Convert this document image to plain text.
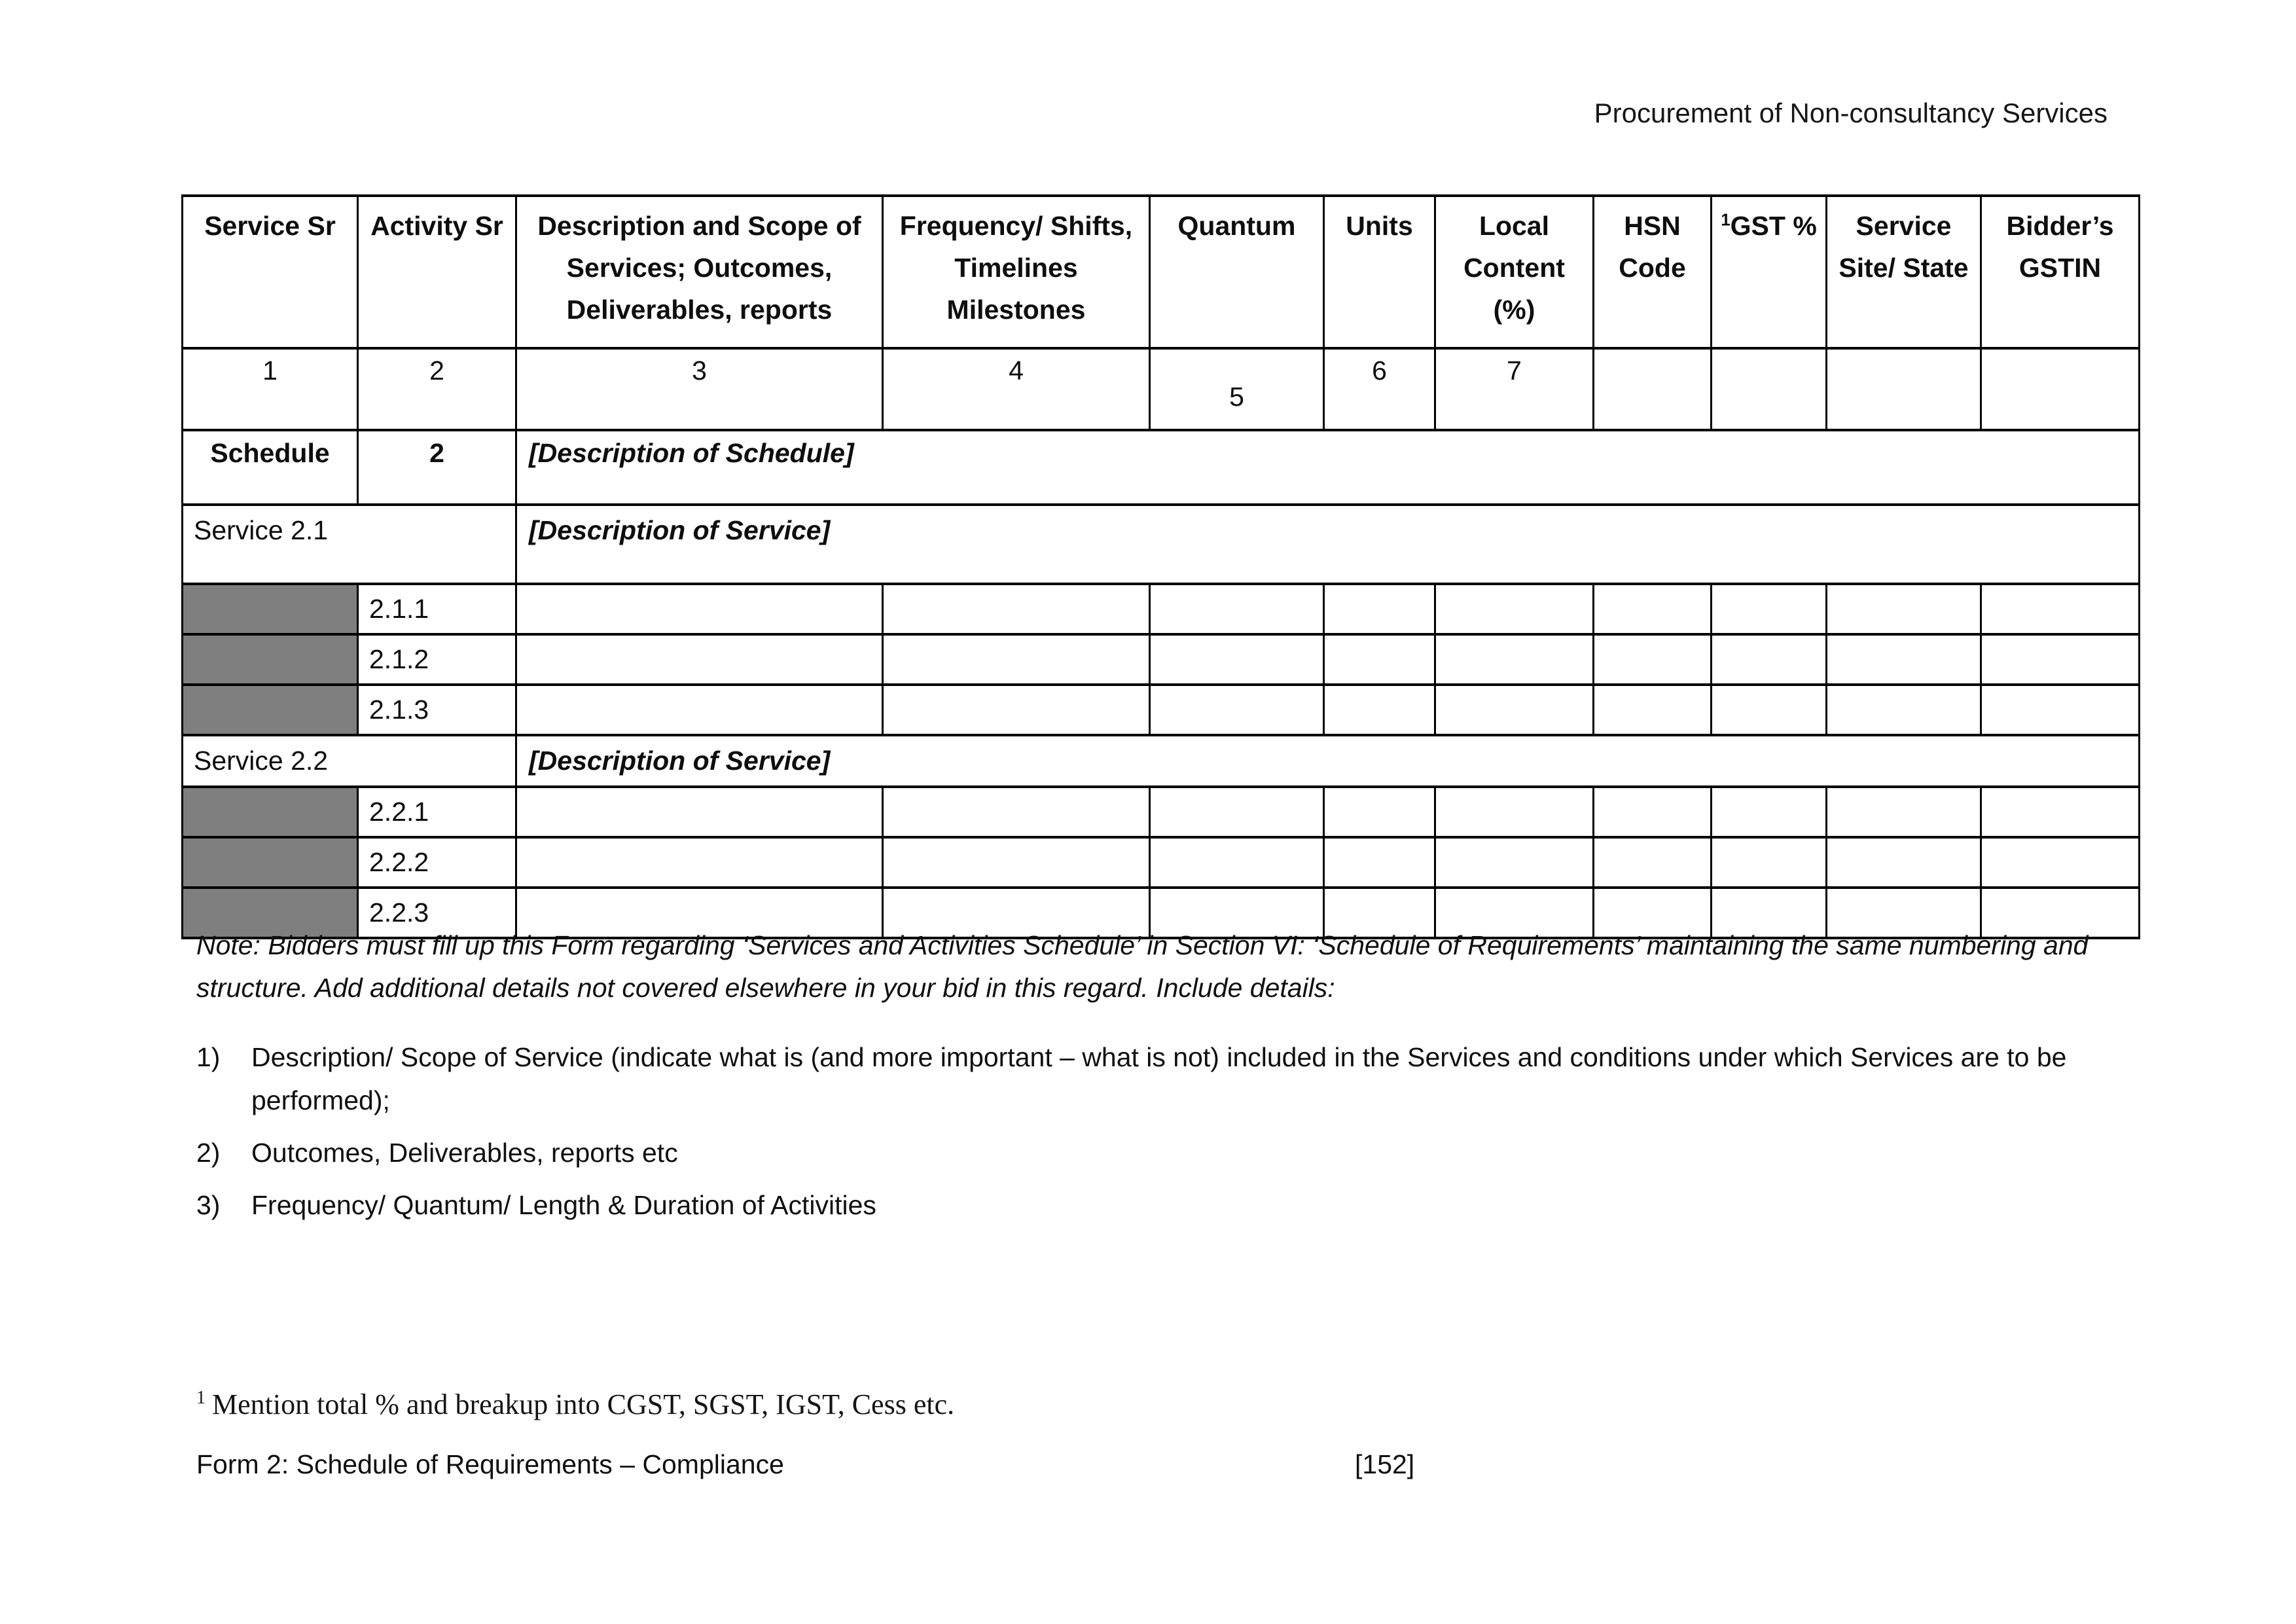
Procurement of Non-consultancy Services
Service Sr	Activity Sr	Description and Scope of Services; Outcomes, Deliverables, reports	Frequency/ Shifts, Timelines Milestones	Quantum	Units	Local Content (%)	HSN Code	$^1$GST %	Service Site/ State	Bidder’s GSTIN
1	2	3	4	5	6	7				
Schedule	2	[Description of Schedule]								
Service 2.1		[Description of Service]								
	2.1.1									
	2.1.2									
	2.1.3									
Service 2.2		[Description of Service]								
	2.2.1									
	2.2.2									
	2.2.3									
Note: Bidders must fill up this Form regarding ‘Services and Activities Schedule’ in Section VI: ‘Schedule of Requirements’ maintaining the same numbering and structure. Add additional details not covered elsewhere in your bid in this regard. Include details:
1)	Description/ Scope of Service (indicate what is (and more important – what is not) included in the Services and conditions under which Services are to be performed);
2)	Outcomes, Deliverables, reports etc
3)	Frequency/ Quantum/ Length & Duration of Activities
$^1$ Mention total % and breakup into CGST, SGST, IGST, Cess etc.
Form 2: Schedule of Requirements – Compliance	[152]
